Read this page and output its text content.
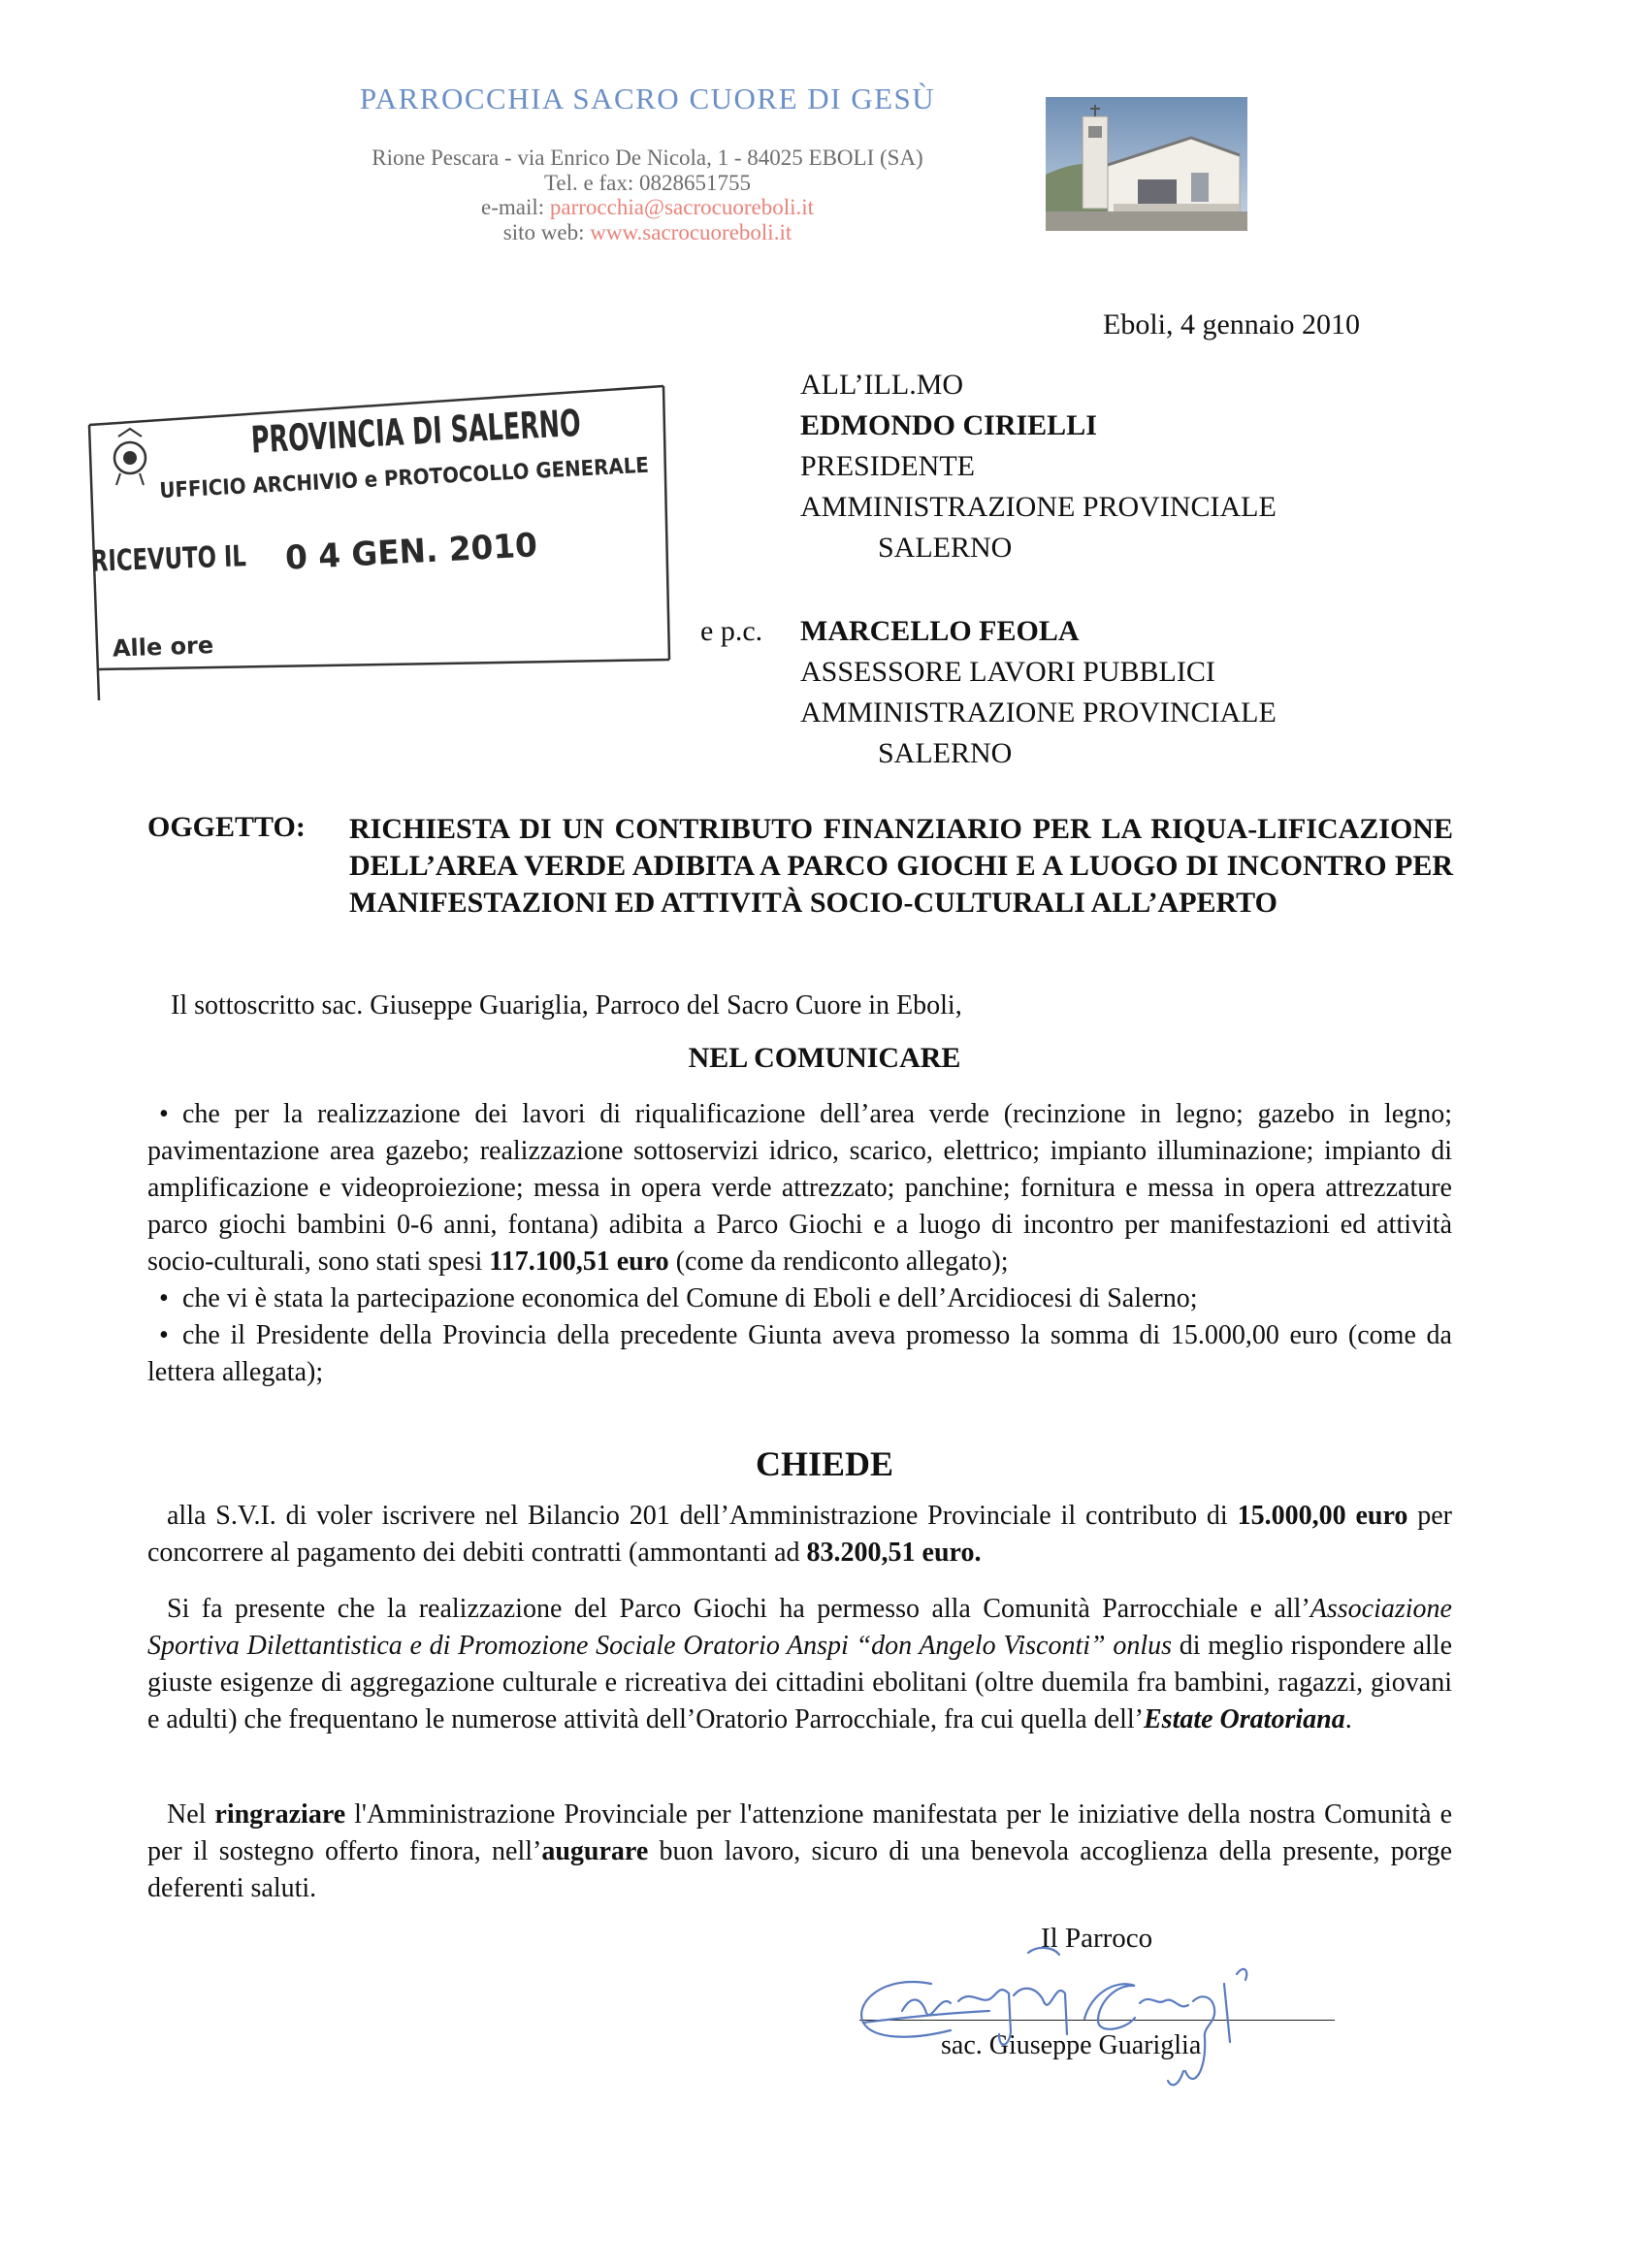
PARROCCHIA SACRO CUORE DI GESÙ
Rione Pescara - via Enrico De Nicola, 1 - 84025 EBOLI (SA)
Tel. e fax: 0828651755
e-mail: parrocchia@sacrocuoreboli.it
sito web: www.sacrocuoreboli.it
Eboli, 4 gennaio 2010
PROVINCIA DI SALERNO
UFFICIO ARCHIVIO e PROTOCOLLO GENERALE
RICEVUTO IL
0 4 GEN. 2010
Alle ore
ALL’ILL.MO
EDMONDO CIRIELLI
PRESIDENTE
AMMINISTRAZIONE PROVINCIALE
SALERNO
e p.c. MARCELLO FEOLA
ASSESSORE LAVORI PUBBLICI
AMMINISTRAZIONE PROVINCIALE
SALERNO
OGGETTO: RICHIESTA DI UN CONTRIBUTO FINANZIARIO PER LA RIQUA-LIFICAZIONE DELL’AREA VERDE ADIBITA A PARCO GIOCHI E A LUOGO DI INCONTRO PER MANIFESTAZIONI ED ATTIVITÀ SOCIO-CULTURALI ALL’APERTO
Il sottoscritto sac. Giuseppe Guariglia, Parroco del Sacro Cuore in Eboli,
NEL COMUNICARE
• che per la realizzazione dei lavori di riqualificazione dell’area verde (recinzione in legno; gazebo in legno; pavimentazione area gazebo; realizzazione sottoservizi idrico, scarico, elettrico; impianto illuminazione; impianto di amplificazione e videoproiezione; messa in opera verde attrezzato; panchine; fornitura e messa in opera attrezzature parco giochi bambini 0-6 anni, fontana) adibita a Parco Giochi e a luogo di incontro per manifestazioni ed attività socio-culturali, sono stati spesi 117.100,51 euro (come da rendiconto allegato);
• che vi è stata la partecipazione economica del Comune di Eboli e dell’Arcidiocesi di Salerno;
• che il Presidente della Provincia della precedente Giunta aveva promesso la somma di 15.000,00 euro (come da lettera allegata);
CHIEDE
alla S.V.I. di voler iscrivere nel Bilancio 201 dell’Amministrazione Provinciale il contributo di 15.000,00 euro per concorrere al pagamento dei debiti contratti (ammontanti ad 83.200,51 euro.
Si fa presente che la realizzazione del Parco Giochi ha permesso alla Comunità Parrocchiale e all’Associazione Sportiva Dilettantistica e di Promozione Sociale Oratorio Anspi “don Angelo Visconti” onlus di meglio rispondere alle giuste esigenze di aggregazione culturale e ricreativa dei cittadini ebolitani (oltre duemila fra bambini, ragazzi, giovani e adulti) che frequentano le numerose attività dell’Oratorio Parrocchiale, fra cui quella dell’Estate Oratoriana.
Nel ringraziare l'Amministrazione Provinciale per l'attenzione manifestata per le iniziative della nostra Comunità e per il sostegno offerto finora, nell’augurare buon lavoro, sicuro di una benevola accoglienza della presente, porge deferenti saluti.
Il Parroco
sac. Giuseppe Guariglia
